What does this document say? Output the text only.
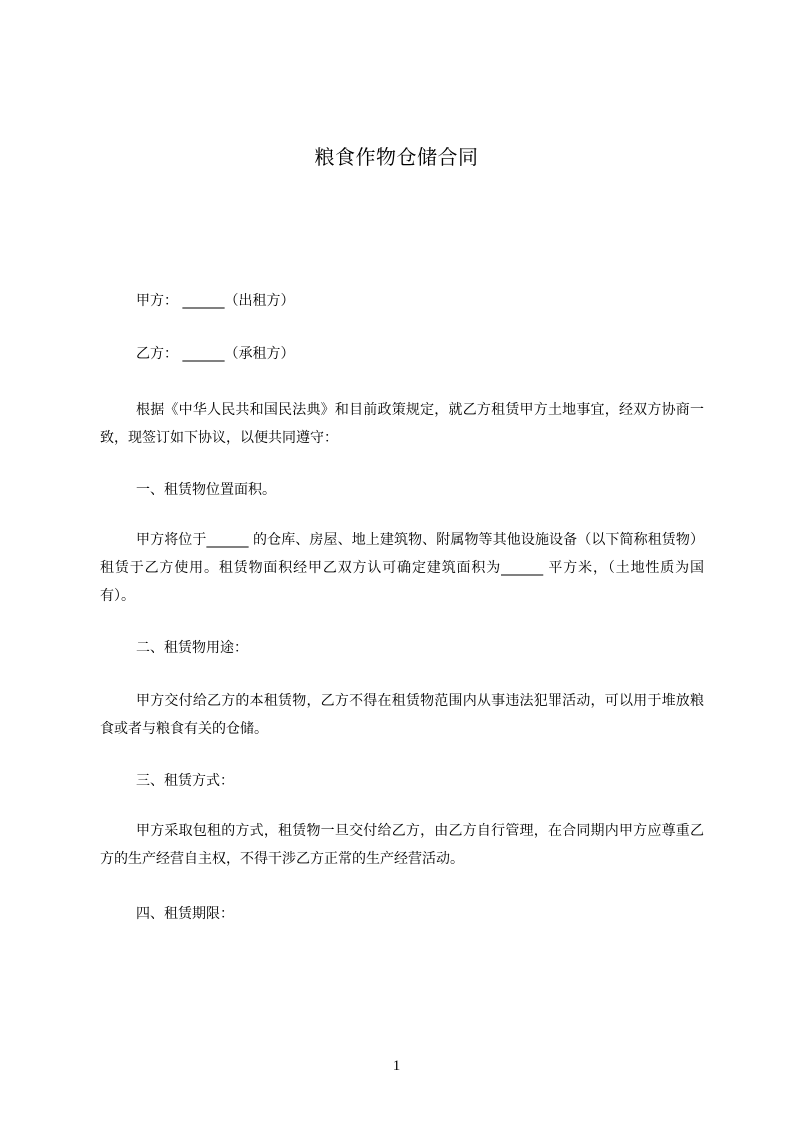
粮食作物仓储合同
甲方： ______（出租方）
乙方： ______（承租方）
根据《中华人民共和国民法典》和目前政策规定，就乙方租赁甲方土地事宜，经双方协商一致，现签订如下协议，以便共同遵守：
一、租赁物位置面积。
甲方将位于______ 的仓库、房屋、地上建筑物、附属物等其他设施设备（以下简称租赁物）租赁于乙方使用。租赁物面积经甲乙双方认可确定建筑面积为______ 平方米，（土地性质为国有）。
二、租赁物用途：
甲方交付给乙方的本租赁物，乙方不得在租赁物范围内从事违法犯罪活动，可以用于堆放粮食或者与粮食有关的仓储。
三、租赁方式：
甲方采取包租的方式，租赁物一旦交付给乙方，由乙方自行管理，在合同期内甲方应尊重乙方的生产经营自主权，不得干涉乙方正常的生产经营活动。
四、租赁期限：
1
